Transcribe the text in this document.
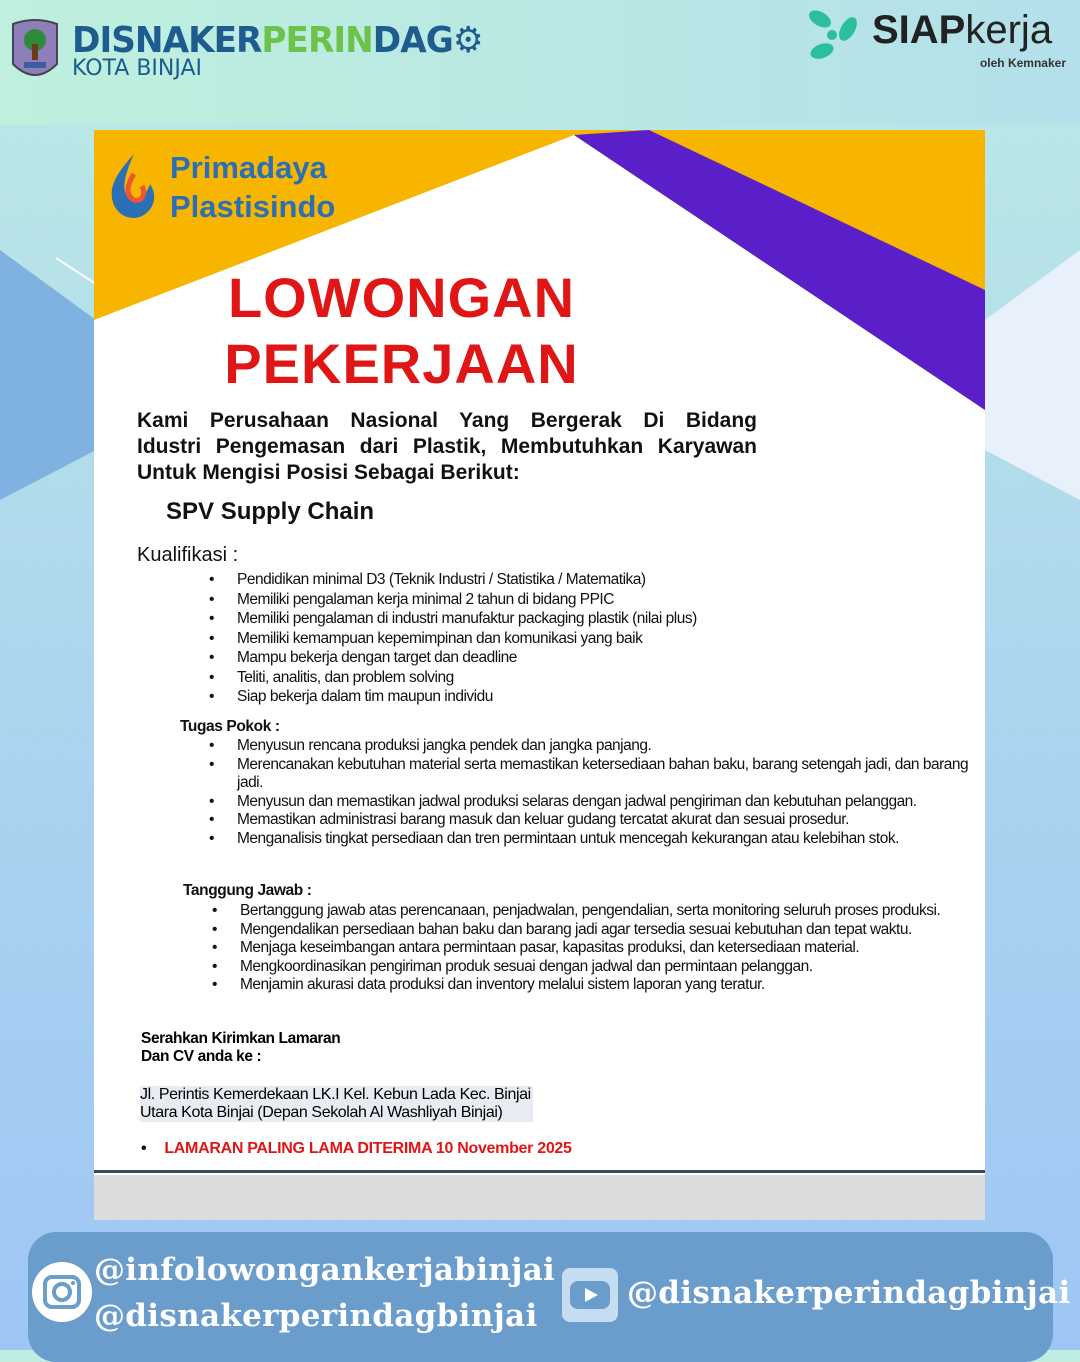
DISNAKERPERINDAG⚙
KOTA BINJAI
SIAPkerja
oleh Kemnaker
Primadaya
Plastisindo
LOWONGAN
PEKERJAAN
Kami Perusahaan Nasional Yang Bergerak Di Bidang
Idustri Pengemasan dari Plastik, Membutuhkan Karyawan
Untuk Mengisi Posisi Sebagai Berikut:
SPV Supply Chain
Kualifikasi :
• Pendidikan minimal D3 (Teknik Industri / Statistika / Matematika)
• Memiliki pengalaman kerja minimal 2 tahun di bidang PPIC
• Memiliki pengalaman di industri manufaktur packaging plastik (nilai plus)
• Memiliki kemampuan kepemimpinan dan komunikasi yang baik
• Mampu bekerja dengan target dan deadline
• Teliti, analitis, dan problem solving
• Siap bekerja dalam tim maupun individu
Tugas Pokok :
• Menyusun rencana produksi jangka pendek dan jangka panjang.
• Merencanakan kebutuhan material serta memastikan ketersediaan bahan baku, barang setengah jadi, dan barang jadi.
• Menyusun dan memastikan jadwal produksi selaras dengan jadwal pengiriman dan kebutuhan pelanggan.
• Memastikan administrasi barang masuk dan keluar gudang tercatat akurat dan sesuai prosedur.
• Menganalisis tingkat persediaan dan tren permintaan untuk mencegah kekurangan atau kelebihan stok.
Tanggung Jawab :
• Bertanggung jawab atas perencanaan, penjadwalan, pengendalian, serta monitoring seluruh proses produksi.
• Mengendalikan persediaan bahan baku dan barang jadi agar tersedia sesuai kebutuhan dan tepat waktu.
• Menjaga keseimbangan antara permintaan pasar, kapasitas produksi, dan ketersediaan material.
• Mengkoordinasikan pengiriman produk sesuai dengan jadwal dan permintaan pelanggan.
• Menjamin akurasi data produksi dan inventory melalui sistem laporan yang teratur.
Serahkan Kirimkan Lamaran
Dan CV anda ke :
Jl. Perintis Kemerdekaan LK.I Kel. Kebun Lada Kec. Binjai
Utara Kota Binjai (Depan Sekolah Al Washliyah Binjai)
• LAMARAN PALING LAMA DITERIMA 10 November 2025
@infolowongankerjabinjai
@disnakerperindagbinjai
@disnakerperindagbinjai
